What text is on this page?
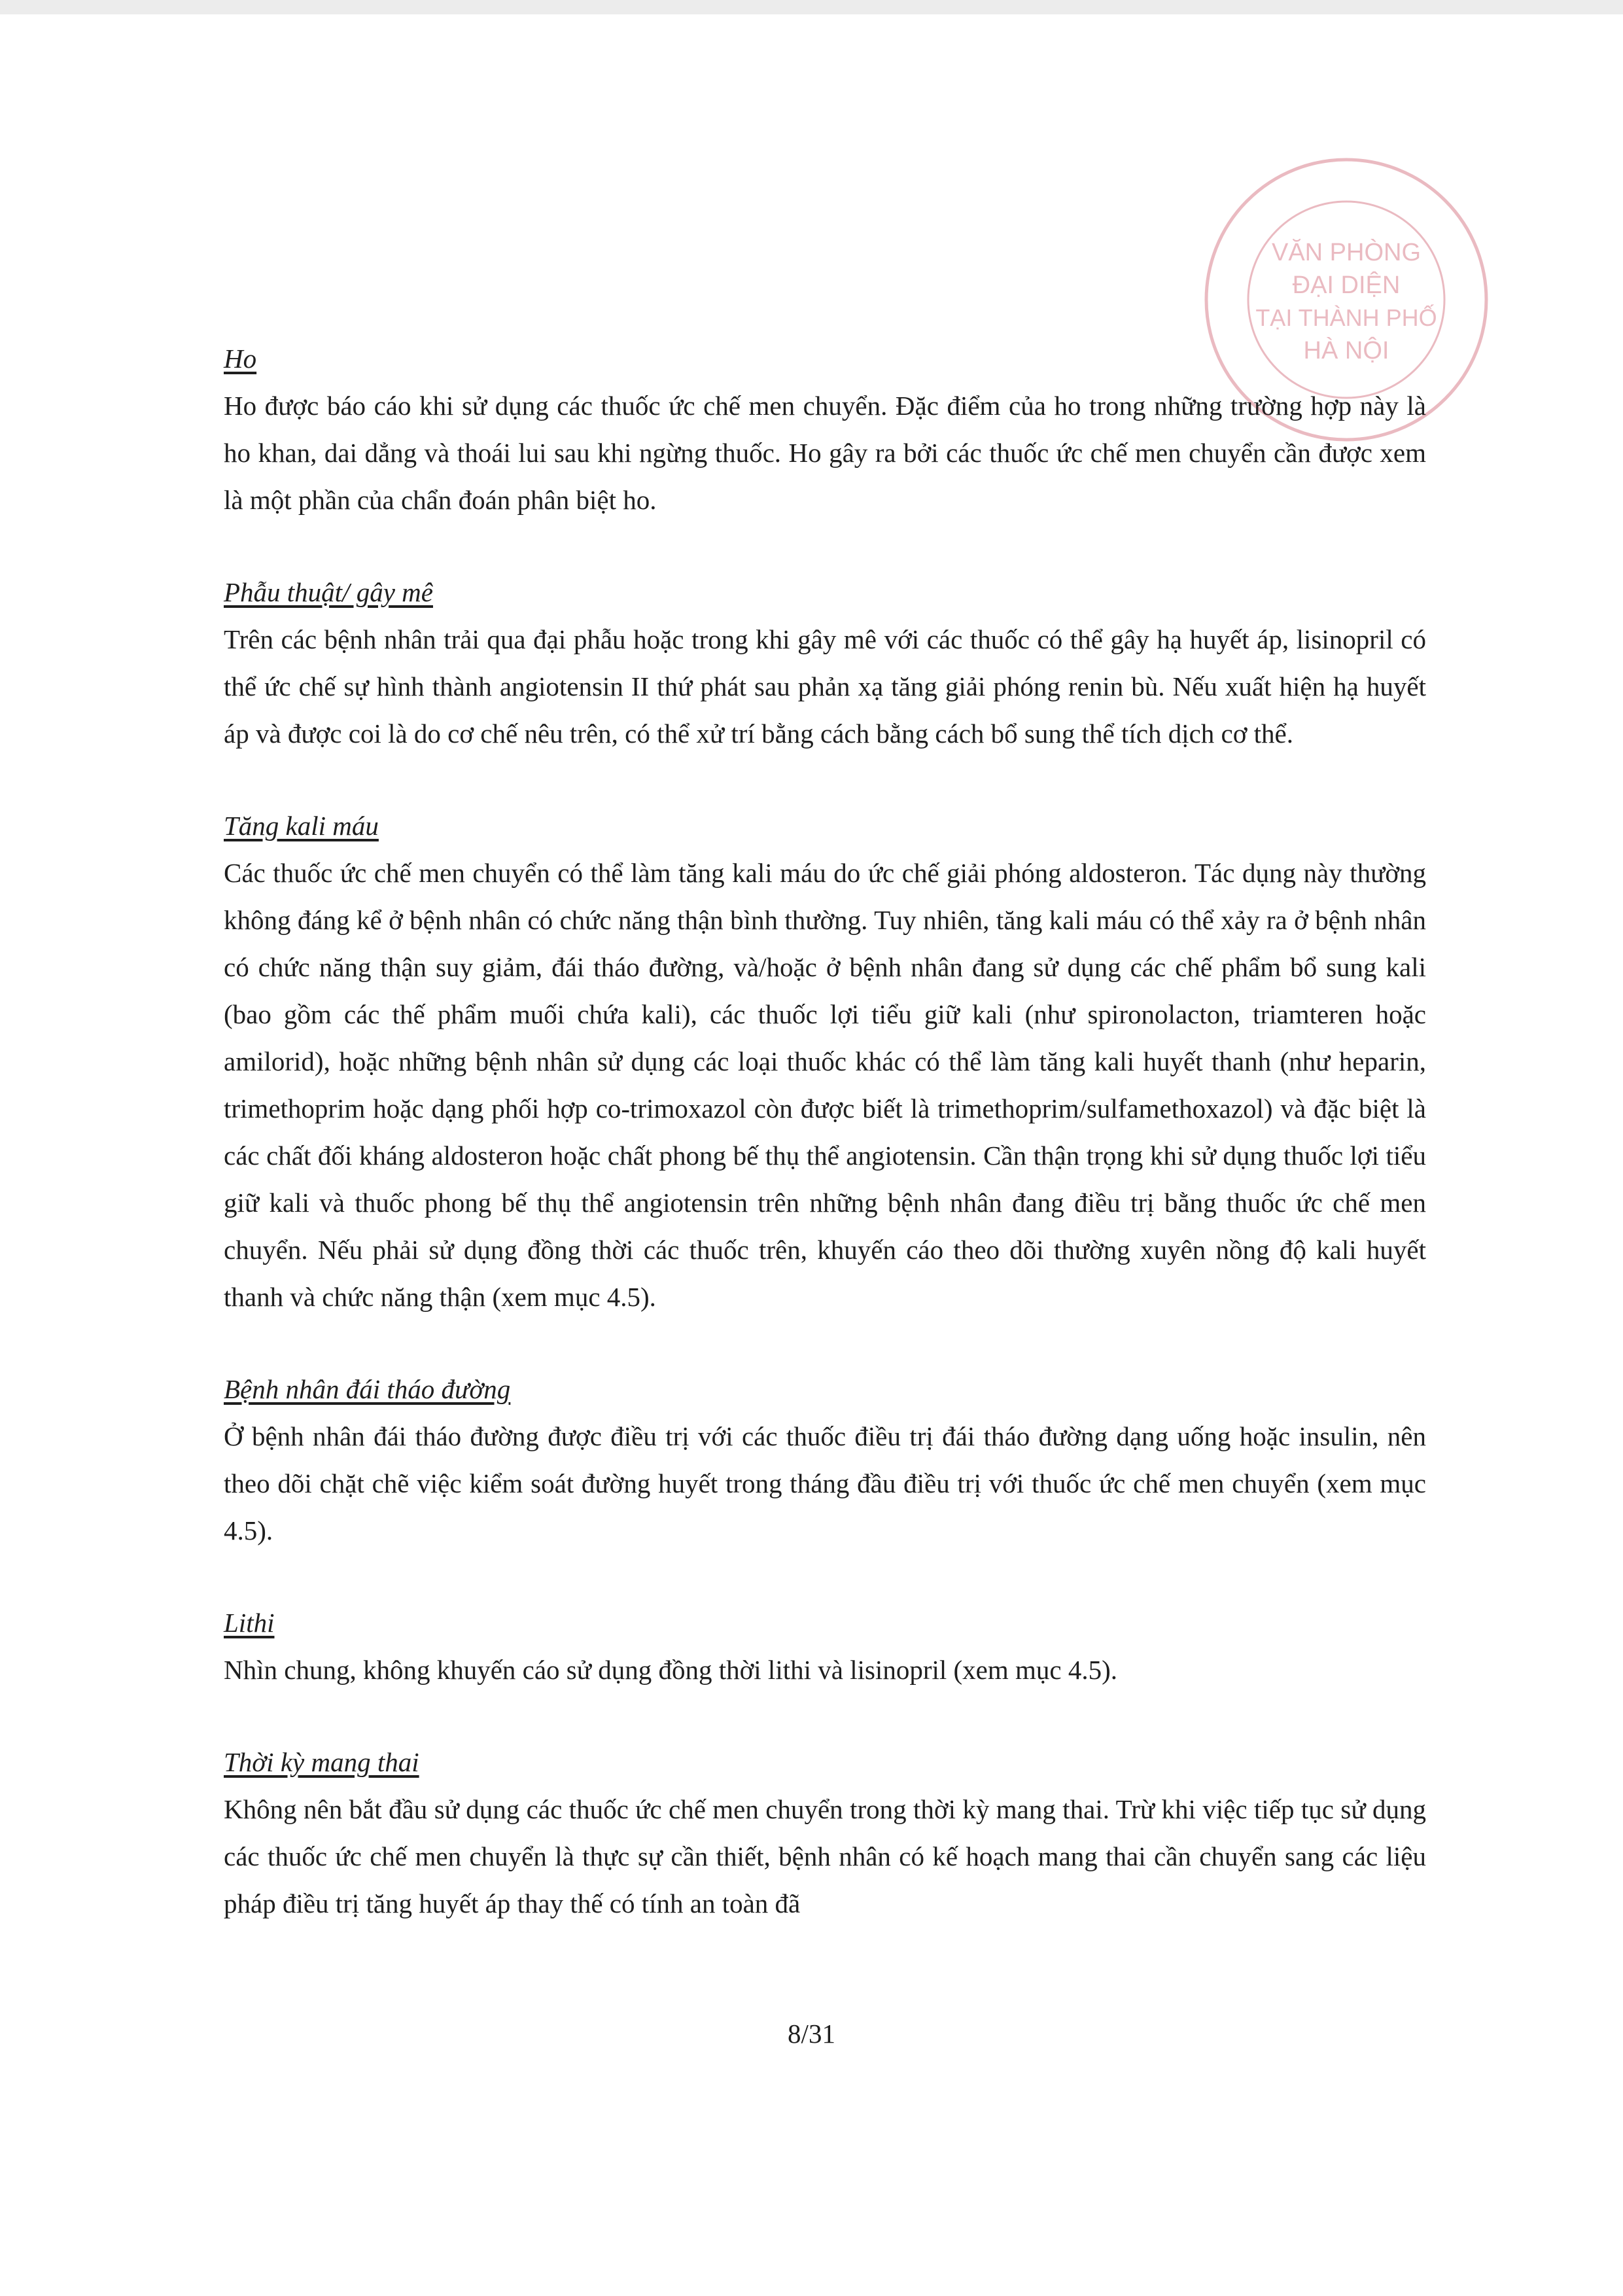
VĂN PHÒNG
ĐẠI DIỆN
TẠI THÀNH PHỐ
HÀ NỘI

Ho

Ho được báo cáo khi sử dụng các thuốc ức chế men chuyển. Đặc điểm của ho trong những trường hợp này là ho khan, dai dẳng và thoái lui sau khi ngừng thuốc. Ho gây ra bởi các thuốc ức chế men chuyển cần được xem là một phần của chẩn đoán phân biệt ho.

Phẫu thuật/ gây mê

Trên các bệnh nhân trải qua đại phẫu hoặc trong khi gây mê với các thuốc có thể gây hạ huyết áp, lisinopril có thể ức chế sự hình thành angiotensin II thứ phát sau phản xạ tăng giải phóng renin bù. Nếu xuất hiện hạ huyết áp và được coi là do cơ chế nêu trên, có thể xử trí bằng cách bằng cách bổ sung thể tích dịch cơ thể.

Tăng kali máu

Các thuốc ức chế men chuyển có thể làm tăng kali máu do ức chế giải phóng aldosteron. Tác dụng này thường không đáng kể ở bệnh nhân có chức năng thận bình thường. Tuy nhiên, tăng kali máu có thể xảy ra ở bệnh nhân có chức năng thận suy giảm, đái tháo đường, và/hoặc ở bệnh nhân đang sử dụng các chế phẩm bổ sung kali (bao gồm các thế phẩm muối chứa kali), các thuốc lợi tiểu giữ kali (như spironolacton, triamteren hoặc amilorid), hoặc những bệnh nhân sử dụng các loại thuốc khác có thể làm tăng kali huyết thanh (như heparin, trimethoprim hoặc dạng phối hợp co-trimoxazol còn được biết là trimethoprim/sulfamethoxazol) và đặc biệt là các chất đối kháng aldosteron hoặc chất phong bế thụ thể angiotensin. Cần thận trọng khi sử dụng thuốc lợi tiểu giữ kali và thuốc phong bế thụ thể angiotensin trên những bệnh nhân đang điều trị bằng thuốc ức chế men chuyển. Nếu phải sử dụng đồng thời các thuốc trên, khuyến cáo theo dõi thường xuyên nồng độ kali huyết thanh và chức năng thận (xem mục 4.5).

Bệnh nhân đái tháo đường

Ở bệnh nhân đái tháo đường được điều trị với các thuốc điều trị đái tháo đường dạng uống hoặc insulin, nên theo dõi chặt chẽ việc kiểm soát đường huyết trong tháng đầu điều trị với thuốc ức chế men chuyển (xem mục 4.5).

Lithi

Nhìn chung, không khuyến cáo sử dụng đồng thời lithi và lisinopril (xem mục 4.5).

Thời kỳ mang thai

Không nên bắt đầu sử dụng các thuốc ức chế men chuyển trong thời kỳ mang thai. Trừ khi việc tiếp tục sử dụng các thuốc ức chế men chuyển là thực sự cần thiết, bệnh nhân có kế hoạch mang thai cần chuyển sang các liệu pháp điều trị tăng huyết áp thay thế có tính an toàn đã

8/31
